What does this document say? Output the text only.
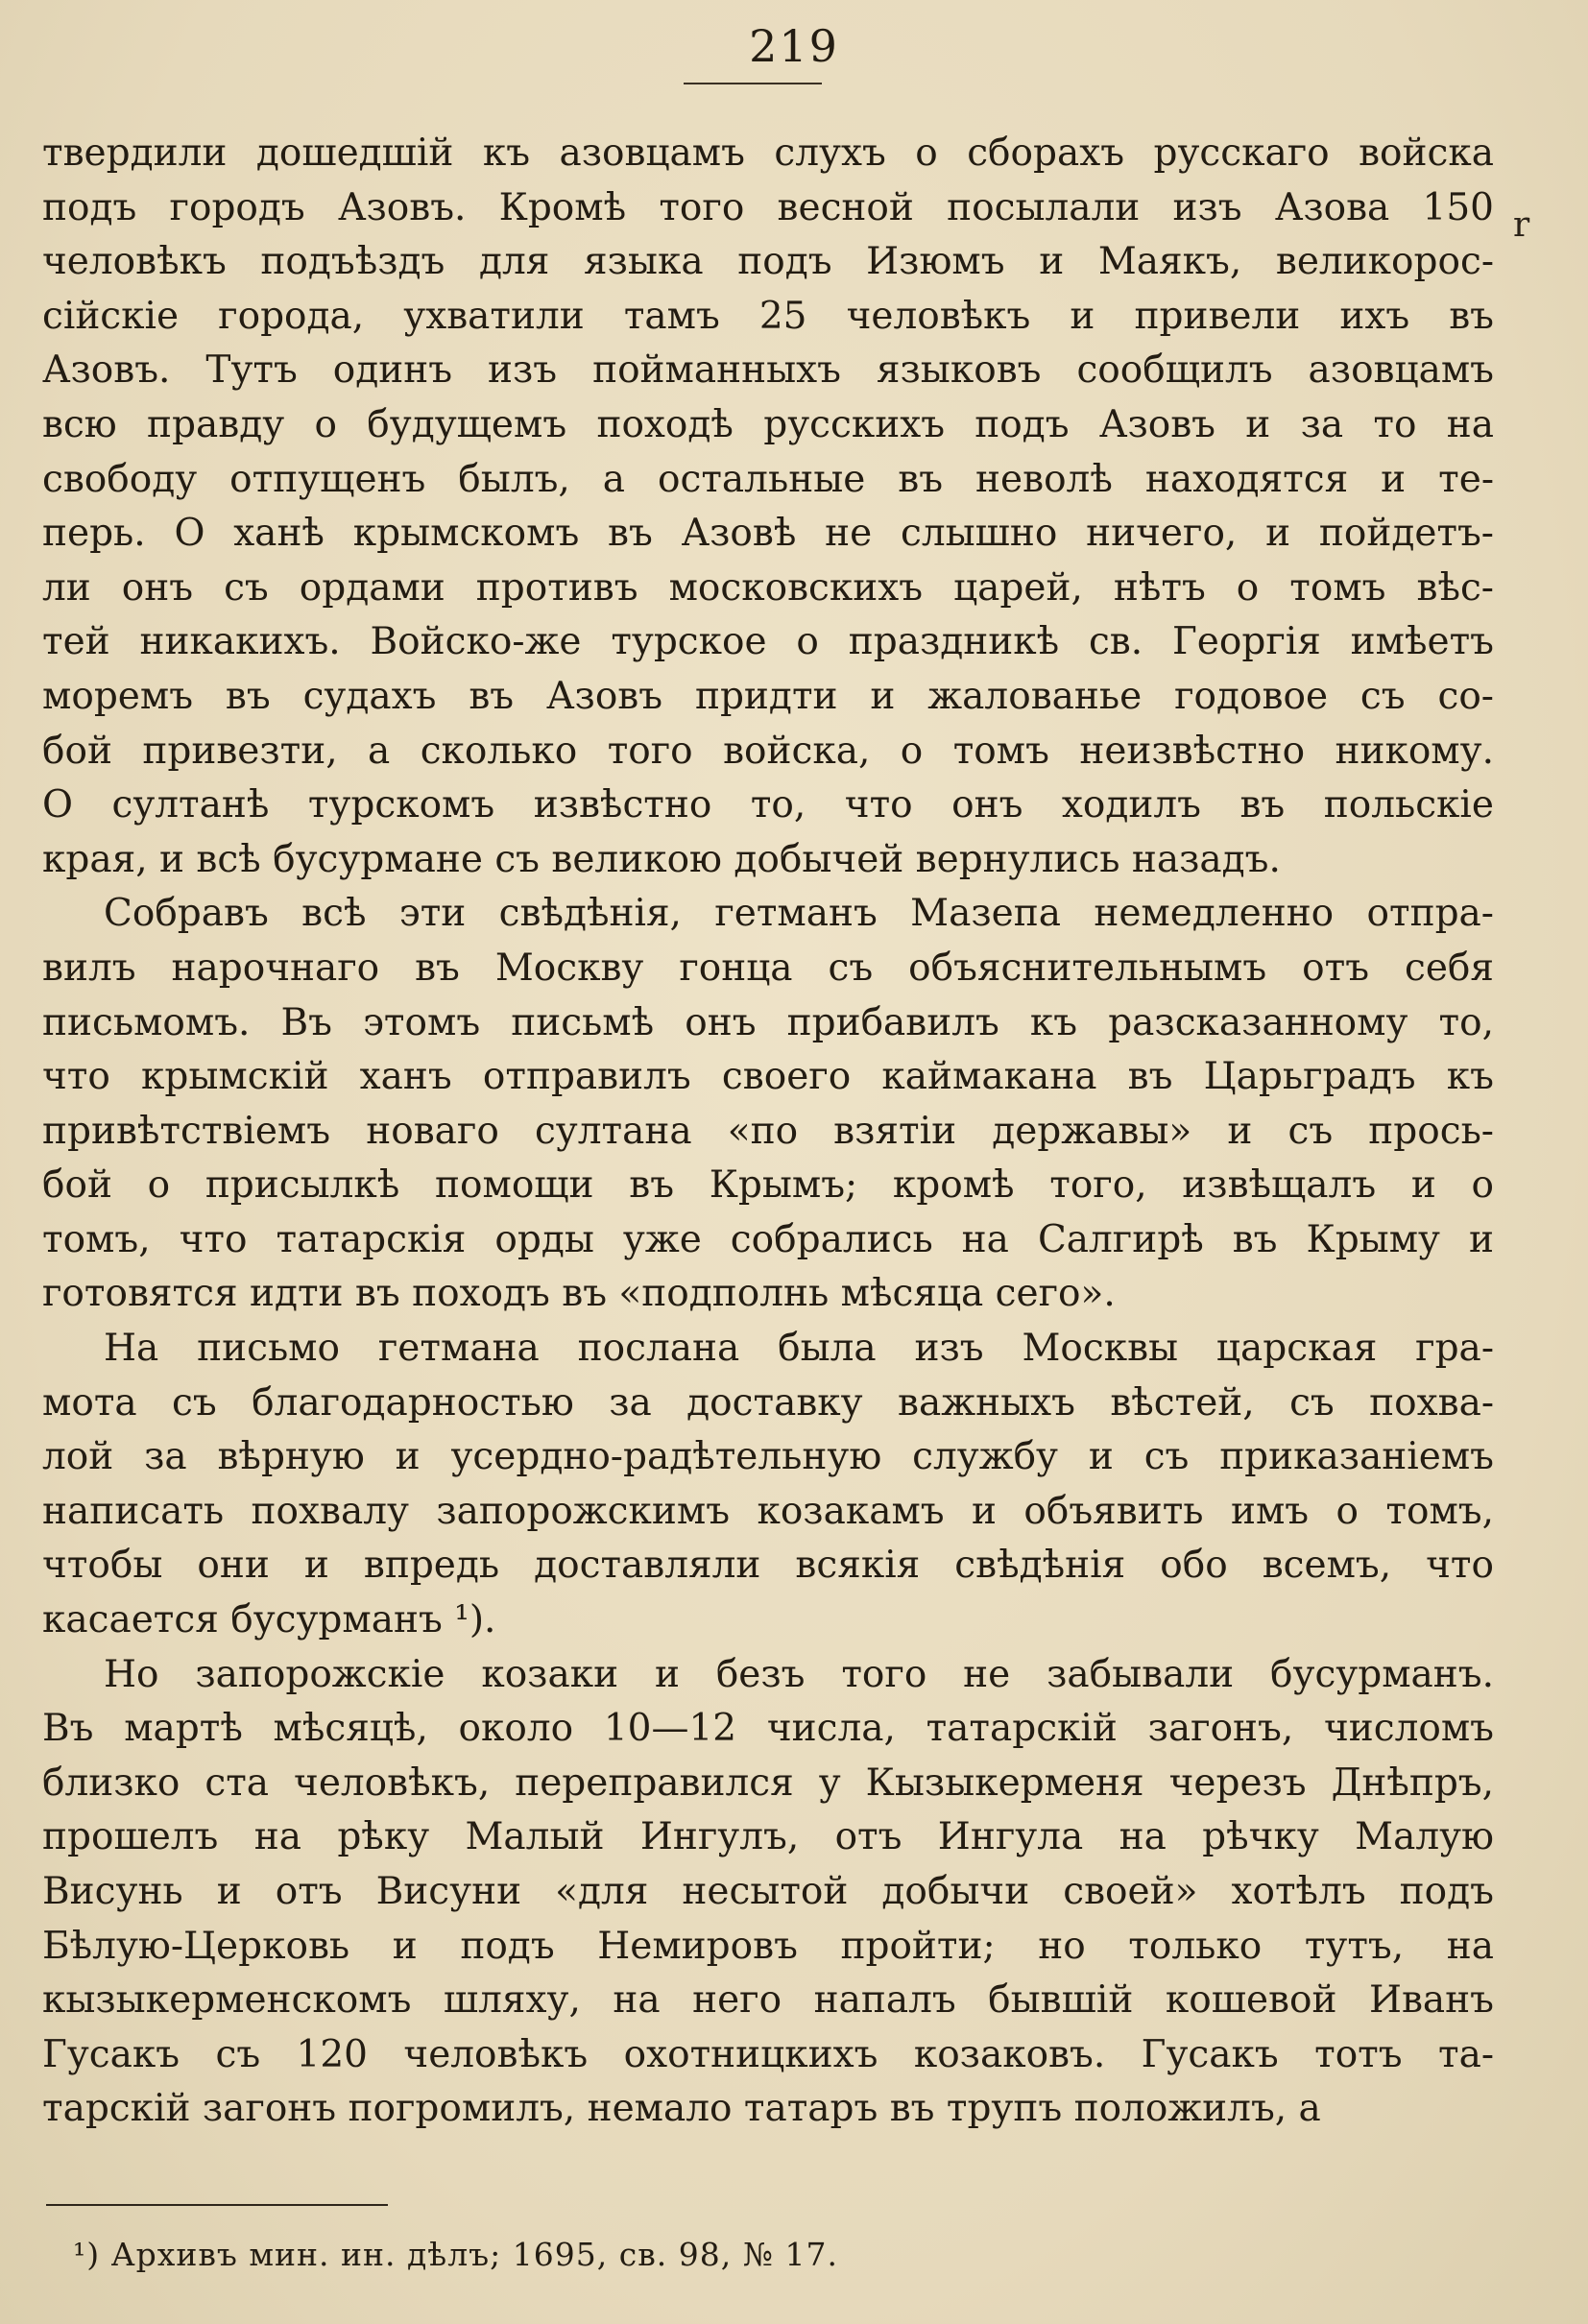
219
r
твердили дошедшій къ азовцамъ слухъ о сборахъ русскаго войска
подъ городъ Азовъ. Кромѣ того весной посылали изъ Азова 150
человѣкъ подъѣздъ для языка подъ Изюмъ и Маякъ, великорос-
сійскіе города, ухватили тамъ 25 человѣкъ и привели ихъ въ
Азовъ. Тутъ одинъ изъ пойманныхъ языковъ сообщилъ азовцамъ
всю правду о будущемъ походѣ русскихъ подъ Азовъ и за то на
свободу отпущенъ былъ, а остальные въ неволѣ находятся и те-
перь. О ханѣ крымскомъ въ Азовѣ не слышно ничего, и пойдетъ-
ли онъ съ ордами противъ московскихъ царей, нѣтъ о томъ вѣс-
тей никакихъ. Войско-же турское о праздникѣ св. Георгія имѣетъ
моремъ въ судахъ въ Азовъ придти и жалованье годовое съ со-
бой привезти, а сколько того войска, о томъ неизвѣстно никому.
О султанѣ турскомъ извѣстно то, что онъ ходилъ въ польскіе
края, и всѣ бусурмане съ великою добычей вернулись назадъ.
Собравъ всѣ эти свѣдѣнія, гетманъ Мазепа немедленно отпра-
вилъ нарочнаго въ Москву гонца съ объяснительнымъ отъ себя
письмомъ. Въ этомъ письмѣ онъ прибавилъ къ разсказанному то,
что крымскій ханъ отправилъ своего каймакана въ Царьградъ къ
привѣтствіемъ новаго султана «по взятіи державы» и съ прось-
бой о присылкѣ помощи въ Крымъ; кромѣ того, извѣщалъ и о
томъ, что татарскія орды уже собрались на Салгирѣ въ Крыму и
готовятся идти въ походъ въ «подполнь мѣсяца сего».
На письмо гетмана послана была изъ Москвы царская гра-
мота съ благодарностью за доставку важныхъ вѣстей, съ похва-
лой за вѣрную и усердно-радѣтельную службу и съ приказаніемъ
написать похвалу запорожскимъ козакамъ и объявить имъ о томъ,
чтобы они и впредь доставляли всякія свѣдѣнія обо всемъ, что
касается бусурманъ ¹).
Но запорожскіе козаки и безъ того не забывали бусурманъ.
Въ мартѣ мѣсяцѣ, около 10—12 числа, татарскій загонъ, числомъ
близко ста человѣкъ, переправился у Кызыкерменя черезъ Днѣпръ,
прошелъ на рѣку Малый Ингулъ, отъ Ингула на рѣчку Малую
Висунь и отъ Висуни «для несытой добычи своей» хотѣлъ подъ
Бѣлую-Церковь и подъ Немировъ пройти; но только тутъ, на
кызыкерменскомъ шляху, на него напалъ бывшій кошевой Иванъ
Гусакъ съ 120 человѣкъ охотницкихъ козаковъ. Гусакъ тотъ та-
тарскій загонъ погромилъ, немало татаръ въ трупъ положилъ, а
¹) Архивъ мин. ин. дѣлъ; 1695, св. 98, № 17.
